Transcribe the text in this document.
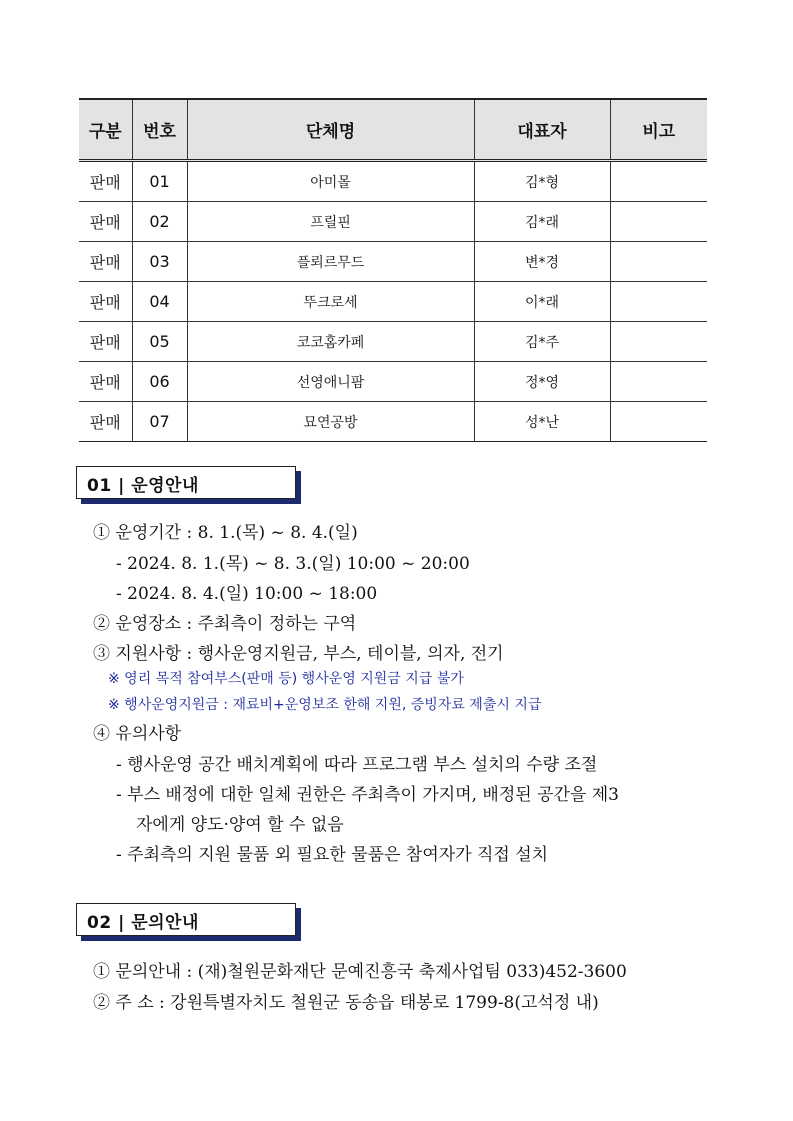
구분	번호	단체명	대표자	비고
판매	01	아미몰	김*형	
판매	02	프릴핀	김*래	
판매	03	플뢰르무드	변*경	
판매	04	뚜크로세	이*래	
판매	05	코코홈카페	김*주	
판매	06	선영애니팜	정*영	
판매	07	묘연공방	성*난	
01 | 운영안내
① 운영기간 : 8. 1.(목) ~ 8. 4.(일)
- 2024. 8. 1.(목) ~ 8. 3.(일) 10:00 ~ 20:00
- 2024. 8. 4.(일) 10:00 ~ 18:00
② 운영장소 : 주최측이 정하는 구역
③ 지원사항 : 행사운영지원금, 부스, 테이블, 의자, 전기
※ 영리 목적 참여부스(판매 등) 행사운영 지원금 지급 불가
※ 행사운영지원금 : 재료비+운영보조 한해 지원, 증빙자료 제출시 지급
④ 유의사항
- 행사운영 공간 배치계획에 따라 프로그램 부스 설치의 수량 조절
- 부스 배정에 대한 일체 권한은 주최측이 가지며, 배정된 공간을 제3
자에게 양도·양여 할 수 없음
- 주최측의 지원 물품 외 필요한 물품은 참여자가 직접 설치
02 | 문의안내
① 문의안내 : (재)철원문화재단 문예진흥국 축제사업팀 033)452-3600
② 주 소 : 강원특별자치도 철원군 동송읍 태봉로 1799-8(고석정 내)
